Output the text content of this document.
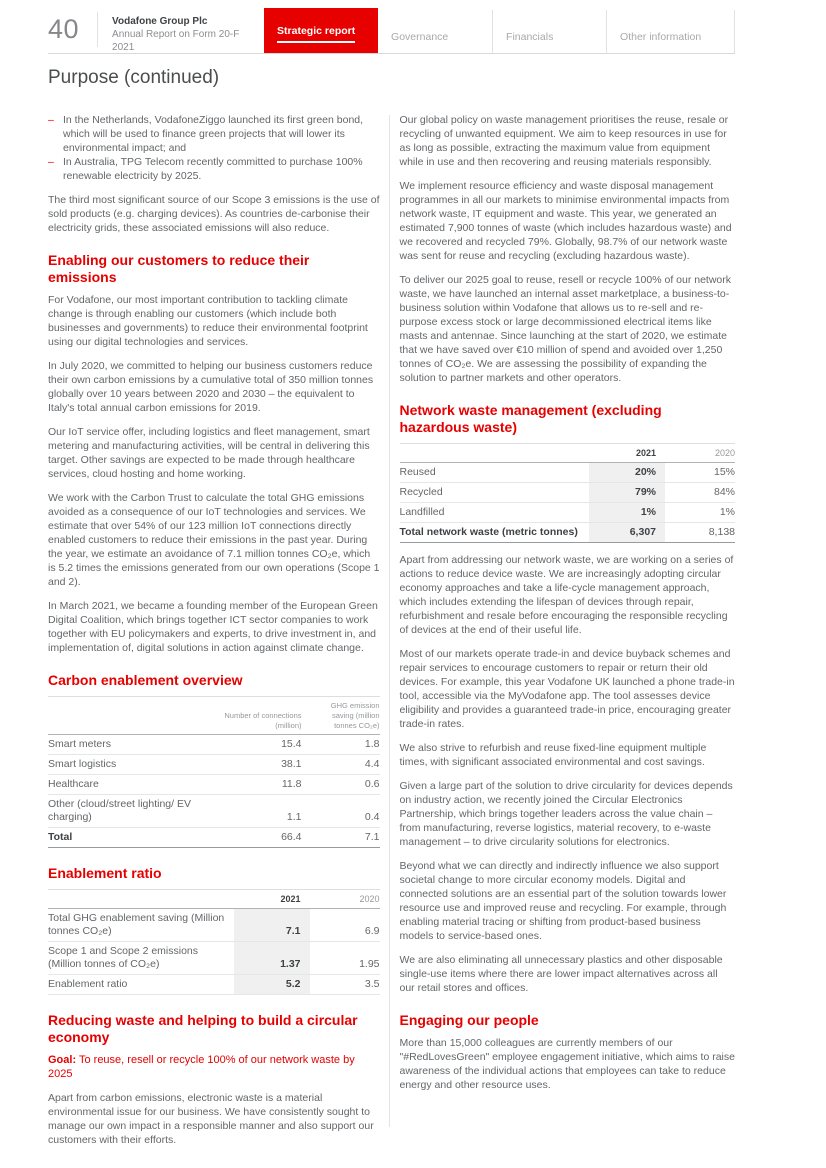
40	Vodafone Group Plc
Annual Report on Form 20-F 2021
Strategic report	Governance	Financials	Other information
Purpose (continued)
– In the Netherlands, VodafoneZiggo launched its first green bond, which will be used to finance green projects that will lower its environmental impact; and
– In Australia, TPG Telecom recently committed to purchase 100% renewable electricity by 2025.

The third most significant source of our Scope 3 emissions is the use of sold products (e.g. charging devices). As countries de-carbonise their electricity grids, these associated emissions will also reduce.

Enabling our customers to reduce their emissions

For Vodafone, our most important contribution to tackling climate change is through enabling our customers (which include both businesses and governments) to reduce their environmental footprint using our digital technologies and services.

In July 2020, we committed to helping our business customers reduce their own carbon emissions by a cumulative total of 350 million tonnes globally over 10 years between 2020 and 2030 – the equivalent to Italy's total annual carbon emissions for 2019.

Our IoT service offer, including logistics and fleet management, smart metering and manufacturing activities, will be central in delivering this target. Other savings are expected to be made through healthcare services, cloud hosting and home working.

We work with the Carbon Trust to calculate the total GHG emissions avoided as a consequence of our IoT technologies and services. We estimate that over 54% of our 123 million IoT connections directly enabled customers to reduce their emissions in the past year. During the year, we estimate an avoidance of 7.1 million tonnes CO₂e, which is 5.2 times the emissions generated from our own operations (Scope 1 and 2).

In March 2021, we became a founding member of the European Green Digital Coalition, which brings together ICT sector companies to work together with EU policymakers and experts, to drive investment in, and implementation of, digital solutions in action against climate change.

Carbon enablement overview
	Number of connections (million)	GHG emission saving (million tonnes CO₂e)
Smart meters	15.4	1.8
Smart logistics	38.1	4.4
Healthcare	11.8	0.6
Other (cloud/street lighting/ EV charging)	1.1	0.4
Total	66.4	7.1
Enablement ratio
	2021	2020
Total GHG enablement saving (Million tonnes CO₂e)	7.1	6.9
Scope 1 and Scope 2 emissions (Million tonnes of CO₂e)	1.37	1.95
Enablement ratio	5.2	3.5
Reducing waste and helping to build a circular economy
Goal: To reuse, resell or recycle 100% of our network waste by 2025

Apart from carbon emissions, electronic waste is a material environmental issue for our business. We have consistently sought to manage our own impact in a responsible manner and also support our customers with their efforts.

Our global policy on waste management prioritises the reuse, resale or recycling of unwanted equipment. We aim to keep resources in use for as long as possible, extracting the maximum value from equipment while in use and then recovering and reusing materials responsibly.

We implement resource efficiency and waste disposal management programmes in all our markets to minimise environmental impacts from network waste, IT equipment and waste. This year, we generated an estimated 7,900 tonnes of waste (which includes hazardous waste) and we recovered and recycled 79%. Globally, 98.7% of our network waste was sent for reuse and recycling (excluding hazardous waste).

To deliver our 2025 goal to reuse, resell or recycle 100% of our network waste, we have launched an internal asset marketplace, a business-to-business solution within Vodafone that allows us to re-sell and re-purpose excess stock or large decommissioned electrical items like masts and antennae. Since launching at the start of 2020, we estimate that we have saved over €10 million of spend and avoided over 1,250 tonnes of CO₂e. We are assessing the possibility of expanding the solution to partner markets and other operators.

Network waste management (excluding hazardous waste)
	2021	2020
Reused	20%	15%
Recycled	79%	84%
Landfilled	1%	1%
Total network waste (metric tonnes)	6,307	8,138

Apart from addressing our network waste, we are working on a series of actions to reduce device waste. We are increasingly adopting circular economy approaches and take a life-cycle management approach, which includes extending the lifespan of devices through repair, refurbishment and resale before encouraging the responsible recycling of devices at the end of their useful life.

Most of our markets operate trade-in and device buyback schemes and repair services to encourage customers to repair or return their old devices. For example, this year Vodafone UK launched a phone trade-in tool, accessible via the MyVodafone app. The tool assesses device eligibility and provides a guaranteed trade-in price, encouraging greater trade-in rates.

We also strive to refurbish and reuse fixed-line equipment multiple times, with significant associated environmental and cost savings.

Given a large part of the solution to drive circularity for devices depends on industry action, we recently joined the Circular Electronics Partnership, which brings together leaders across the value chain – from manufacturing, reverse logistics, material recovery, to e-waste management – to drive circularity solutions for electronics.

Beyond what we can directly and indirectly influence we also support societal change to more circular economy models. Digital and connected solutions are an essential part of the solution towards lower resource use and improved reuse and recycling. For example, through enabling material tracing or shifting from product-based business models to service-based ones.

We are also eliminating all unnecessary plastics and other disposable single-use items where there are lower impact alternatives across all our retail stores and offices.

Engaging our people

More than 15,000 colleagues are currently members of our "#RedLovesGreen" employee engagement initiative, which aims to raise awareness of the individual actions that employees can take to reduce energy and other resource uses.
